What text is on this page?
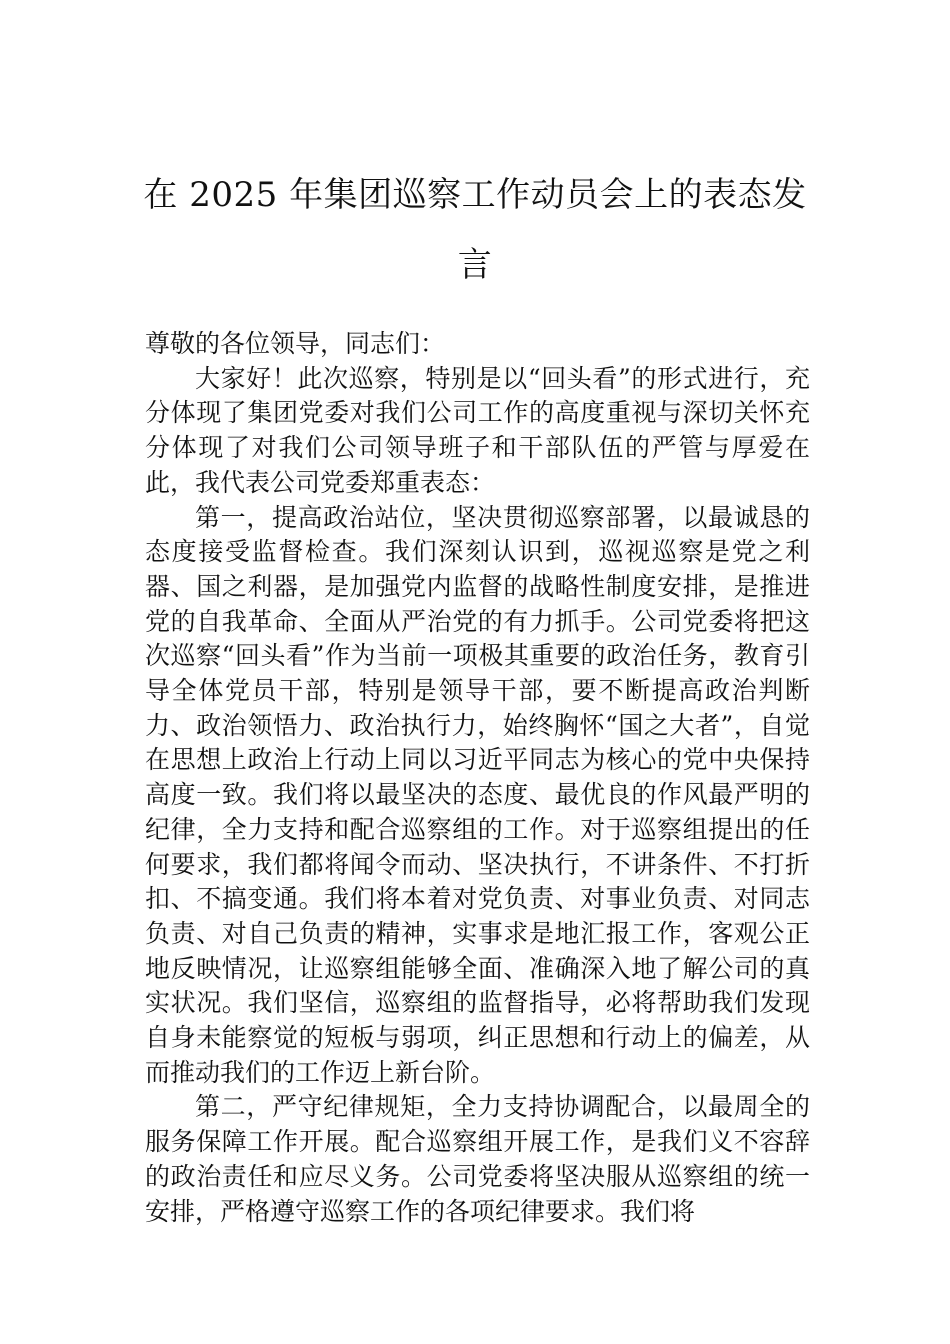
在 2025 年集团巡察工作动员会上的表态发言

尊敬的各位领导，同志们：

大家好！此次巡察，特别是以“回头看”的形式进行，充分体现了集团党委对我们公司工作的高度重视与深切关怀充分体现了对我们公司领导班子和干部队伍的严管与厚爱在此，我代表公司党委郑重表态：

第一，提高政治站位，坚决贯彻巡察部署，以最诚恳的态度接受监督检查。我们深刻认识到，巡视巡察是党之利器、国之利器，是加强党内监督的战略性制度安排，是推进党的自我革命、全面从严治党的有力抓手。公司党委将把这次巡察“回头看”作为当前一项极其重要的政治任务，教育引导全体党员干部，特别是领导干部，要不断提高政治判断力、政治领悟力、政治执行力，始终胸怀“国之大者”，自觉在思想上政治上行动上同以习近平同志为核心的党中央保持高度一致。我们将以最坚决的态度、最优良的作风最严明的纪律，全力支持和配合巡察组的工作。对于巡察组提出的任何要求，我们都将闻令而动、坚决执行，不讲条件、不打折扣、不搞变通。我们将本着对党负责、对事业负责、对同志负责、对自己负责的精神，实事求是地汇报工作，客观公正地反映情况，让巡察组能够全面、准确深入地了解公司的真实状况。我们坚信，巡察组的监督指导，必将帮助我们发现自身未能察觉的短板与弱项，纠正思想和行动上的偏差，从而推动我们的工作迈上新台阶。

第二，严守纪律规矩，全力支持协调配合，以最周全的服务保障工作开展。配合巡察组开展工作，是我们义不容辞的政治责任和应尽义务。公司党委将坚决服从巡察组的统一安排，严格遵守巡察工作的各项纪律要求。我们将
